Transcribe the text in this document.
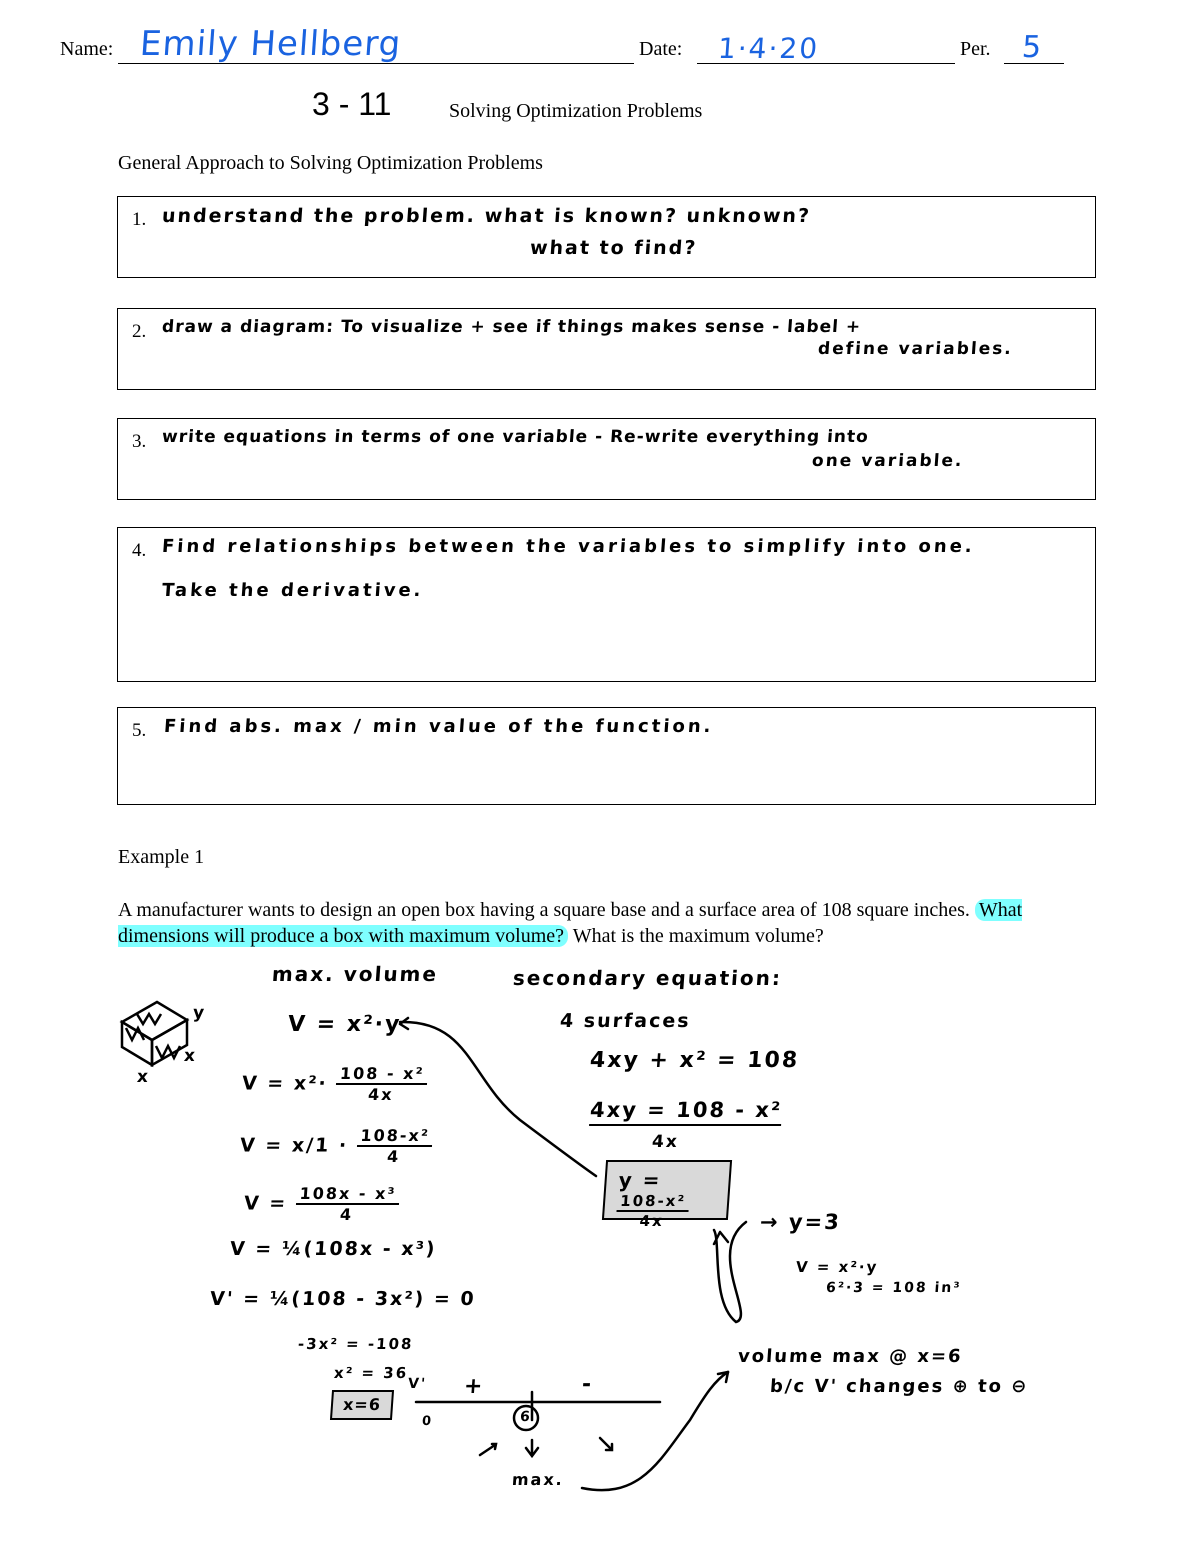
Name: Emily Hellberg	Date: 1·4·20	Per. 5
3 - 11	Solving Optimization Problems
General Approach to Solving Optimization Problems
1. understand the problem. what is known? unknown?
what to find?
2. draw a diagram: To visualize + see if things makes sense - label +
define variables.
3. write equations in terms of one variable - Re-write everything into
one variable.
4. Find relationships between the variables to simplify into one.
Take the derivative.
5. Find abs. max / min value of the function.
Example 1
A manufacturer wants to design an open box having a square base and a surface area of 108 square inches. What dimensions will produce a box with maximum volume? What is the maximum volume?
max. volume
y
x
x
V = x²·y
$V = x^2\cdot \frac{\text{108 - x²}}{4x}$
$V = x/1 \cdot \frac{\text{108-x²}}{4}$
$V = \frac{\text{108x - x³}}{4}$
V = ¼(108x - x³)
V' = ¼(108 - 3x²) = 0
-3x² = -108
x² = 36
x=6
secondary equation:
4 surfaces
4xy + x² = 108
4xy = 108 - x²
4x
y =
$\frac{\text{108-x²}}{4x}$	→ y=3
V = x²·y
6²·3 = 108 in³
V'
0
+	-
6
max.
volume max @ x=6
b/c V' changes ⊕ to ⊖
